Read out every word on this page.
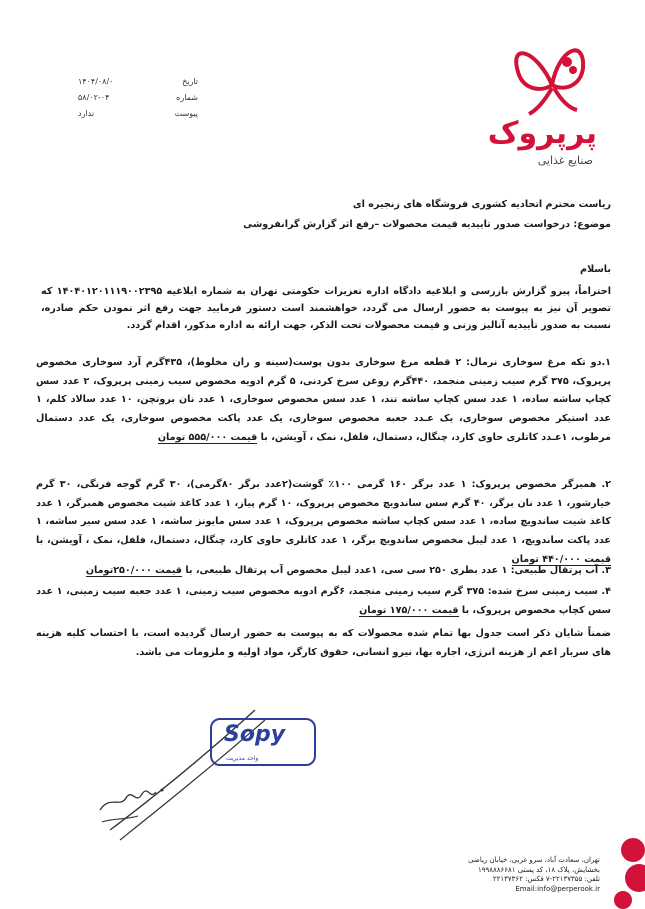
پرپروک
صنایع غذایی
تاریخ
۱۴۰۴/۰۸/۰
شماره
۵۸/۰۲-۰۴
پیوست
ندارد
ریاست محترم اتحادیه کشوری فروشگاه های زنجیره ای
موضوع: درخواست صدور تاییدیه قیمت محصولات –رفع اثر گزارش گرانفروشی
باسلام
احتراماً، پیرو گزارش بازرسی و ابلاغیه دادگاه اداره تعزیرات حکومتی تهران به شماره ابلاغیه ۱۴۰۴۰۱۲۰۱۱۱۹۰۰۲۳۹۵ که تصویر آن نیز به پیوست به حضور ارسال می گردد، خواهشمند است دستور فرمایید جهت رفع اثر نمودن حکم صادره، نسبت به صدور تأییدیه آنالیز وزنی و قیمت محصولات تحت الذکر، جهت ارائه به اداره مذکور، اقدام گردد.
۱.دو تکه مرغ سوخاری نرمال: ۲ قطعه مرغ سوخاری بدون پوست(سینه و ران مخلوط)، ۴۳۵گرم آرد سوخاری مخصوص پرپروک، ۳۷۵ گرم سیب زمینی منجمد، ۴۴۰گرم روغن سرخ کردنی، ۵ گرم ادویه مخصوص سیب زمینی پرپروک، ۲ عدد سس کچاپ ساشه ساده، ۱ عدد سس کچاپ ساشه تند، ۱ عدد سس مخصوص سوخاری، ۱ عدد نان بروتچن، ۱۰ عدد سالاد کلم، ۱ عدد استیکر مخصوص سوخاری، یک عـدد جعبه مخصوص سوخاری، یک عدد پاکت مخصوص سوخاری، یک عدد دستمال مرطوب، ۱عـدد کاتلری حاوی کارد، چنگال، دستمال، فلفل، نمک ، آویشن، با قیمت ۵۵۵/۰۰۰ تومان
۲. همبرگر مخصوص پرپروک: ۱ عدد برگر ۱۶۰ گرمی ۱۰۰٪ گوشت(۲عدد برگر ۸۰گرمی)، ۳۰ گرم گوجه فرنگی، ۳۰ گرم خیارشور، ۱ عدد نان برگر، ۴۰ گرم سس ساندویچ مخصوص پرپروک، ۱۰ گرم پیاز، ۱ عدد کاغذ شیت مخصوص همبرگر، ۱ عدد کاغذ شیت ساندویچ ساده، ۱ عدد سس کچاپ ساشه مخصوص پرپروک، ۱ عدد سس مایونز ساشه، ۱ عدد سس سیر ساشه، ۱ عدد پاکت ساندویچ، ۱ عدد لیبل مخصوص ساندویچ برگر، ۱ عدد کاتلری حاوی کارد، چنگال، دستمال، فلفل، نمک ، آویشن، با قیمت ۴۴۰/۰۰۰ تومان
۳. آب پرتقال طبیعی: ۱ عدد بطری ۲۵۰ سی سی، ۱عدد لیبل مخصوص آب پرتقال طبیعی، با قیمت ۲۵۰/۰۰۰تومان
۴. سیب زمینی سرخ شده: ۳۷۵ گرم سیب زمینی منجمد، ۶گرم ادویه مخصوص سیب زمینی، ۱ عدد جعبه سیب زمینی، ۱ عدد سس کچاپ مخصوص پرپروک، با قیمت ۱۷۵/۰۰۰ تومان
ضمناً شایان ذکر است جدول بها تمام شده محصولات که به پیوست به حضور ارسال گردیده است، با احتساب کلیه هزینه های سربار اعم از هزینه انرژی، اجاره بها، نیرو انسانی، حقوق کارگر، مواد اولیه و ملزومات می باشد.
Sopy
واحد مدیریت
تهران، سعادت آباد، سرو غربی، خیابان ریاضی
بخشایش، پلاک ۱۸، کد پستی ۱۹۹۸۸۸۶۶۸۱
تلفن: ۲۲۱۳۷۳۵۵-۷ فکس: ۲۲۱۳۷۳۶۲
Email:info@perperook.ir
